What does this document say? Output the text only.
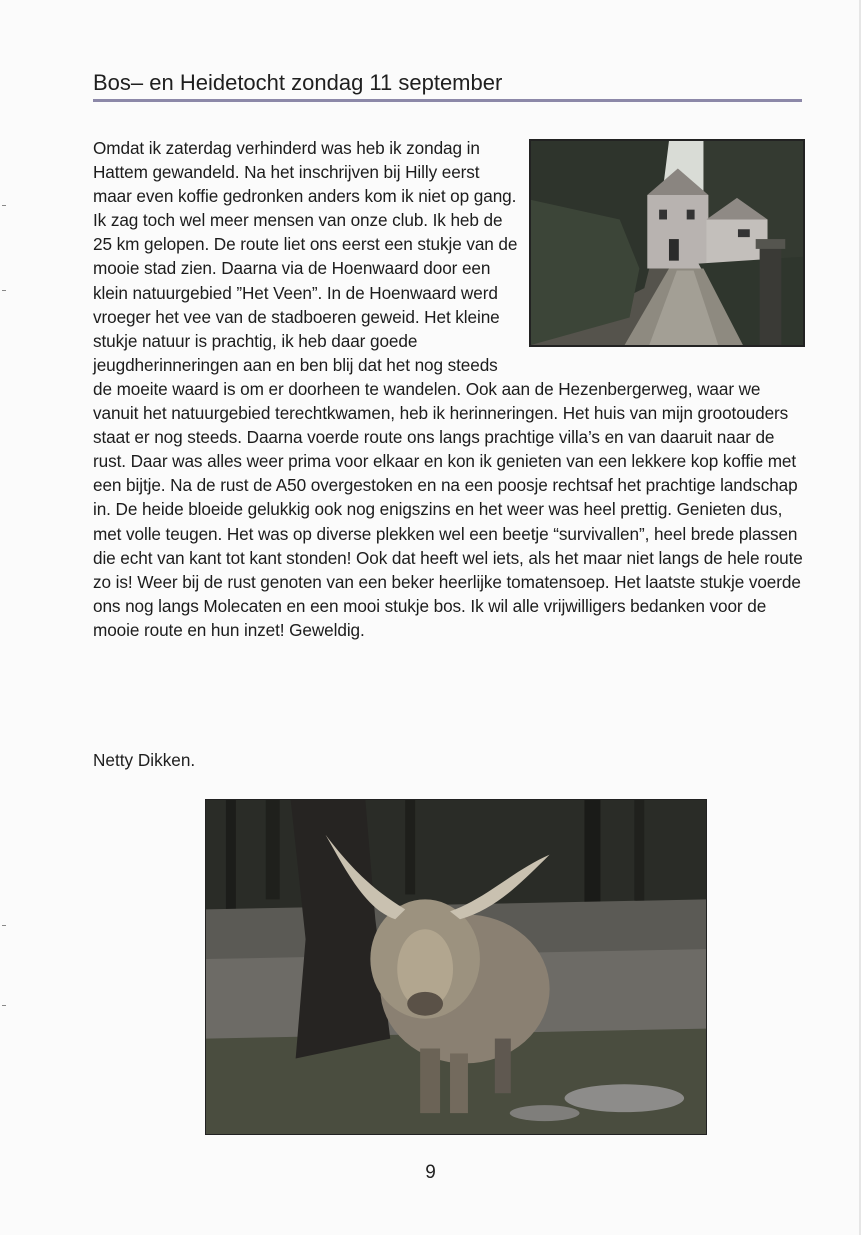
Bos– en Heidetocht zondag 11 september

Omdat ik zaterdag verhinderd was heb ik zondag in Hattem gewandeld. Na het inschrijven bij Hilly eerst maar even koffie gedronken anders kom ik niet op gang. Ik zag toch wel meer mensen van onze club. Ik heb de 25 km gelopen. De route liet ons eerst een stukje van de mooie stad zien. Daarna via de Hoenwaard door een klein natuurgebied ”Het Veen”. In de Hoenwaard werd vroeger het vee van de stadboeren geweid. Het kleine stukje natuur is prachtig, ik heb daar goede jeugdherinneringen aan en ben blij dat het nog steeds de moeite waard is om er doorheen te wandelen. Ook aan de Hezenbergerweg, waar we vanuit het natuurgebied terechtkwamen, heb ik herinneringen. Het huis van mijn grootouders staat er nog steeds. Daarna voerde route ons langs prachtige villa’s en van daaruit naar de rust. Daar was alles weer prima voor elkaar en kon ik genieten van een lekkere kop koffie met een bijtje. Na de rust de A50 overgestoken en na een poosje rechtsaf het prachtige landschap in. De heide bloeide gelukkig ook nog enigszins en het weer was heel prettig. Genieten dus, met volle teugen. Het was op diverse plekken wel een beetje “survivallen”, heel brede plassen die echt van kant tot kant stonden! Ook dat heeft wel iets, als het maar niet langs de hele route zo is! Weer bij de rust genoten van een beker heerlijke tomatensoep. Het laatste stukje voerde ons nog langs Molecaten en een mooi stukje bos. Ik wil alle vrijwilligers bedanken voor de mooie route en hun inzet! Geweldig.

Netty Dikken.
9
